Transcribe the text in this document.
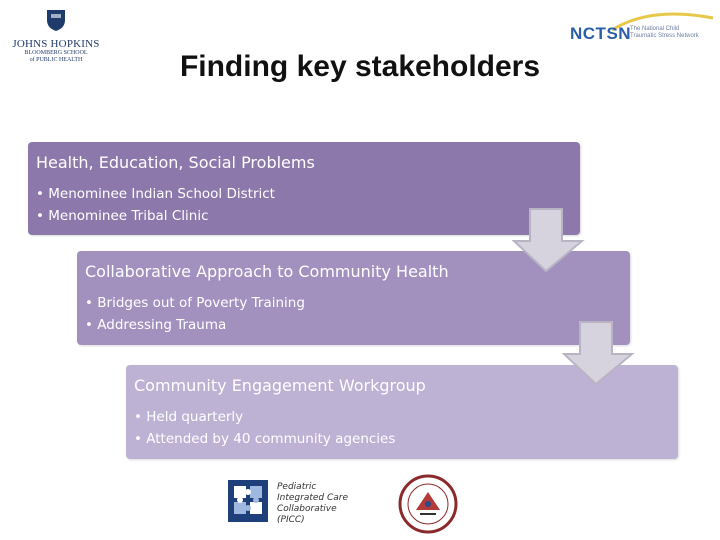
JOHNS HOPKINS
BLOOMBERG SCHOOL
of PUBLIC HEALTH
NCTSN
The National Child
Traumatic Stress Network
Finding key stakeholders
Health, Education, Social Problems
• Menominee Indian School District
• Menominee Tribal Clinic
Collaborative Approach to Community Health
• Bridges out of Poverty Training
• Addressing Trauma
Community Engagement Workgroup
• Held quarterly
• Attended by 40 community agencies
Pediatric
Integrated Care
Collaborative
(PICC)
